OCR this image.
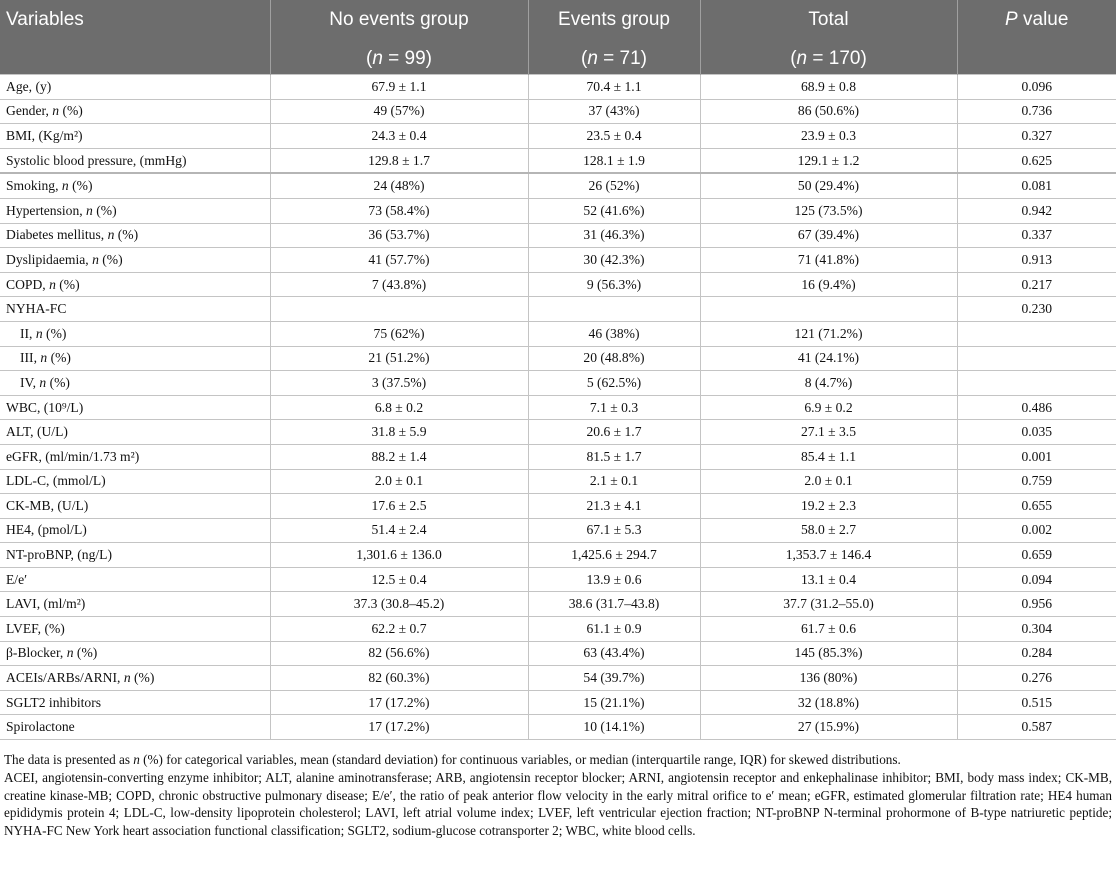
Variables	No events group	Events group	Total	P value
	(n = 99)	(n = 71)	(n = 170)	
Age, (y)	67.9 ± 1.1	70.4 ± 1.1	68.9 ± 0.8	0.096
Gender, n (%)	49 (57%)	37 (43%)	86 (50.6%)	0.736
BMI, (Kg/m²)	24.3 ± 0.4	23.5 ± 0.4	23.9 ± 0.3	0.327
Systolic blood pressure, (mmHg)	129.8 ± 1.7	128.1 ± 1.9	129.1 ± 1.2	0.625
Smoking, n (%)	24 (48%)	26 (52%)	50 (29.4%)	0.081
Hypertension, n (%)	73 (58.4%)	52 (41.6%)	125 (73.5%)	0.942
Diabetes mellitus, n (%)	36 (53.7%)	31 (46.3%)	67 (39.4%)	0.337
Dyslipidaemia, n (%)	41 (57.7%)	30 (42.3%)	71 (41.8%)	0.913
COPD, n (%)	7 (43.8%)	9 (56.3%)	16 (9.4%)	0.217
NYHA-FC				0.230
II, n (%)	75 (62%)	46 (38%)	121 (71.2%)	
III, n (%)	21 (51.2%)	20 (48.8%)	41 (24.1%)	
IV, n (%)	3 (37.5%)	5 (62.5%)	8 (4.7%)	
WBC, (10⁹/L)	6.8 ± 0.2	7.1 ± 0.3	6.9 ± 0.2	0.486
ALT, (U/L)	31.8 ± 5.9	20.6 ± 1.7	27.1 ± 3.5	0.035
eGFR, (ml/min/1.73 m²)	88.2 ± 1.4	81.5 ± 1.7	85.4 ± 1.1	0.001
LDL-C, (mmol/L)	2.0 ± 0.1	2.1 ± 0.1	2.0 ± 0.1	0.759
CK-MB, (U/L)	17.6 ± 2.5	21.3 ± 4.1	19.2 ± 2.3	0.655
HE4, (pmol/L)	51.4 ± 2.4	67.1 ± 5.3	58.0 ± 2.7	0.002
NT-proBNP, (ng/L)	1,301.6 ± 136.0	1,425.6 ± 294.7	1,353.7 ± 146.4	0.659
E/e′	12.5 ± 0.4	13.9 ± 0.6	13.1 ± 0.4	0.094
LAVI, (ml/m²)	37.3 (30.8–45.2)	38.6 (31.7–43.8)	37.7 (31.2–55.0)	0.956
LVEF, (%)	62.2 ± 0.7	61.1 ± 0.9	61.7 ± 0.6	0.304
β-Blocker, n (%)	82 (56.6%)	63 (43.4%)	145 (85.3%)	0.284
ACEIs/ARBs/ARNI, n (%)	82 (60.3%)	54 (39.7%)	136 (80%)	0.276
SGLT2 inhibitors	17 (17.2%)	15 (21.1%)	32 (18.8%)	0.515
Spirolactone	17 (17.2%)	10 (14.1%)	27 (15.9%)	0.587

The data is presented as n (%) for categorical variables, mean (standard deviation) for continuous variables, or median (interquartile range, IQR) for skewed distributions.

ACEI, angiotensin-converting enzyme inhibitor; ALT, alanine aminotransferase; ARB, angiotensin receptor blocker; ARNI, angiotensin receptor and enkephalinase inhibitor; BMI, body mass index; CK-MB, creatine kinase-MB; COPD, chronic obstructive pulmonary disease; E/e′, the ratio of peak anterior flow velocity in the early mitral orifice to e′ mean; eGFR, estimated glomerular filtration rate; HE4 human epididymis protein 4; LDL-C, low-density lipoprotein cholesterol; LAVI, left atrial volume index; LVEF, left ventricular ejection fraction; NT-proBNP N-terminal prohormone of B-type natriuretic peptide; NYHA-FC New York heart association functional classification; SGLT2, sodium-glucose cotransporter 2; WBC, white blood cells.
